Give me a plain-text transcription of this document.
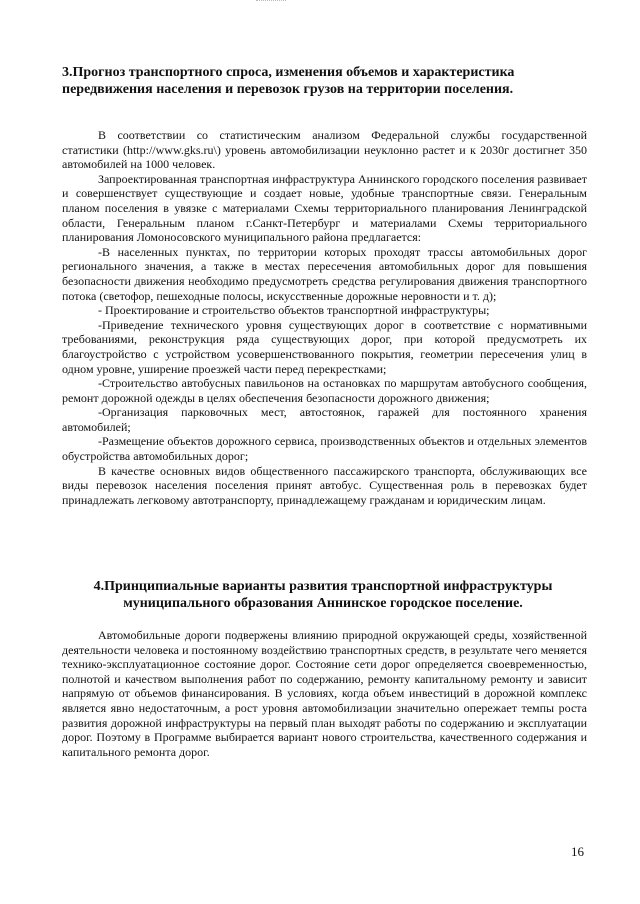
3.Прогноз транспортного спроса, изменения объемов и характеристика передвижения населения и перевозок грузов на территории поселения.

В соответствии со статистическим анализом Федеральной службы государственной статистики (http://www.gks.ru\) уровень автомобилизации неуклонно растет и к 2030г достигнет 350 автомобилей на 1000 человек.

Запроектированная транспортная инфраструктура Аннинского городского поселения развивает и совершенствует существующие и создает новые, удобные транспортные связи. Генеральным планом поселения в увязке с материалами Схемы территориального планирования Ленинградской области, Генеральным планом г.Санкт-Петербург и материалами Схемы территориального планирования Ломоносовского муниципального района предлагается:

-В населенных пунктах, по территории которых проходят трассы автомобильных дорог регионального значения, а также в местах пересечения автомобильных дорог для повышения безопасности движения необходимо предусмотреть средства регулирования движения транспортного потока (светофор, пешеходные полосы, искусственные дорожные неровности и т. д);

- Проектирование и строительство объектов транспортной инфраструктуры;

-Приведение технического уровня существующих дорог в соответствие с нормативными требованиями, реконструкция ряда существующих дорог, при которой предусмотреть их благоустройство с устройством усовершенствованного покрытия, геометрии пересечения улиц в одном уровне, уширение проезжей части перед перекрестками;

-Строительство автобусных павильонов на остановках по маршрутам автобусного сообщения, ремонт дорожной одежды в целях обеспечения безопасности дорожного движения;

-Организация парковочных мест, автостоянок, гаражей для постоянного хранения автомобилей;

-Размещение объектов дорожного сервиса, производственных объектов и отдельных элементов обустройства автомобильных дорог;

В качестве основных видов общественного пассажирского транспорта, обслуживающих все виды перевозок населения поселения принят автобус. Существенная роль в перевозках будет принадлежать легковому автотранспорту, принадлежащему гражданам и юридическим лицам.

4.Принципиальные варианты развития транспортной инфраструктуры муниципального образования Аннинское городское поселение.

Автомобильные дороги подвержены влиянию природной окружающей среды, хозяйственной деятельности человека и постоянному воздействию транспортных средств, в результате чего меняется технико-эксплуатационное состояние дорог. Состояние сети дорог определяется своевременностью, полнотой и качеством выполнения работ по содержанию, ремонту капитальному ремонту и зависит напрямую от объемов финансирования. В условиях, когда объем инвестиций в дорожной комплекс является явно недостаточным, а рост уровня автомобилизации значительно опережает темпы роста развития дорожной инфраструктуры на первый план выходят работы по содержанию и эксплуатации дорог. Поэтому в Программе выбирается вариант нового строительства, качественного содержания и капитального ремонта дорог.

16
